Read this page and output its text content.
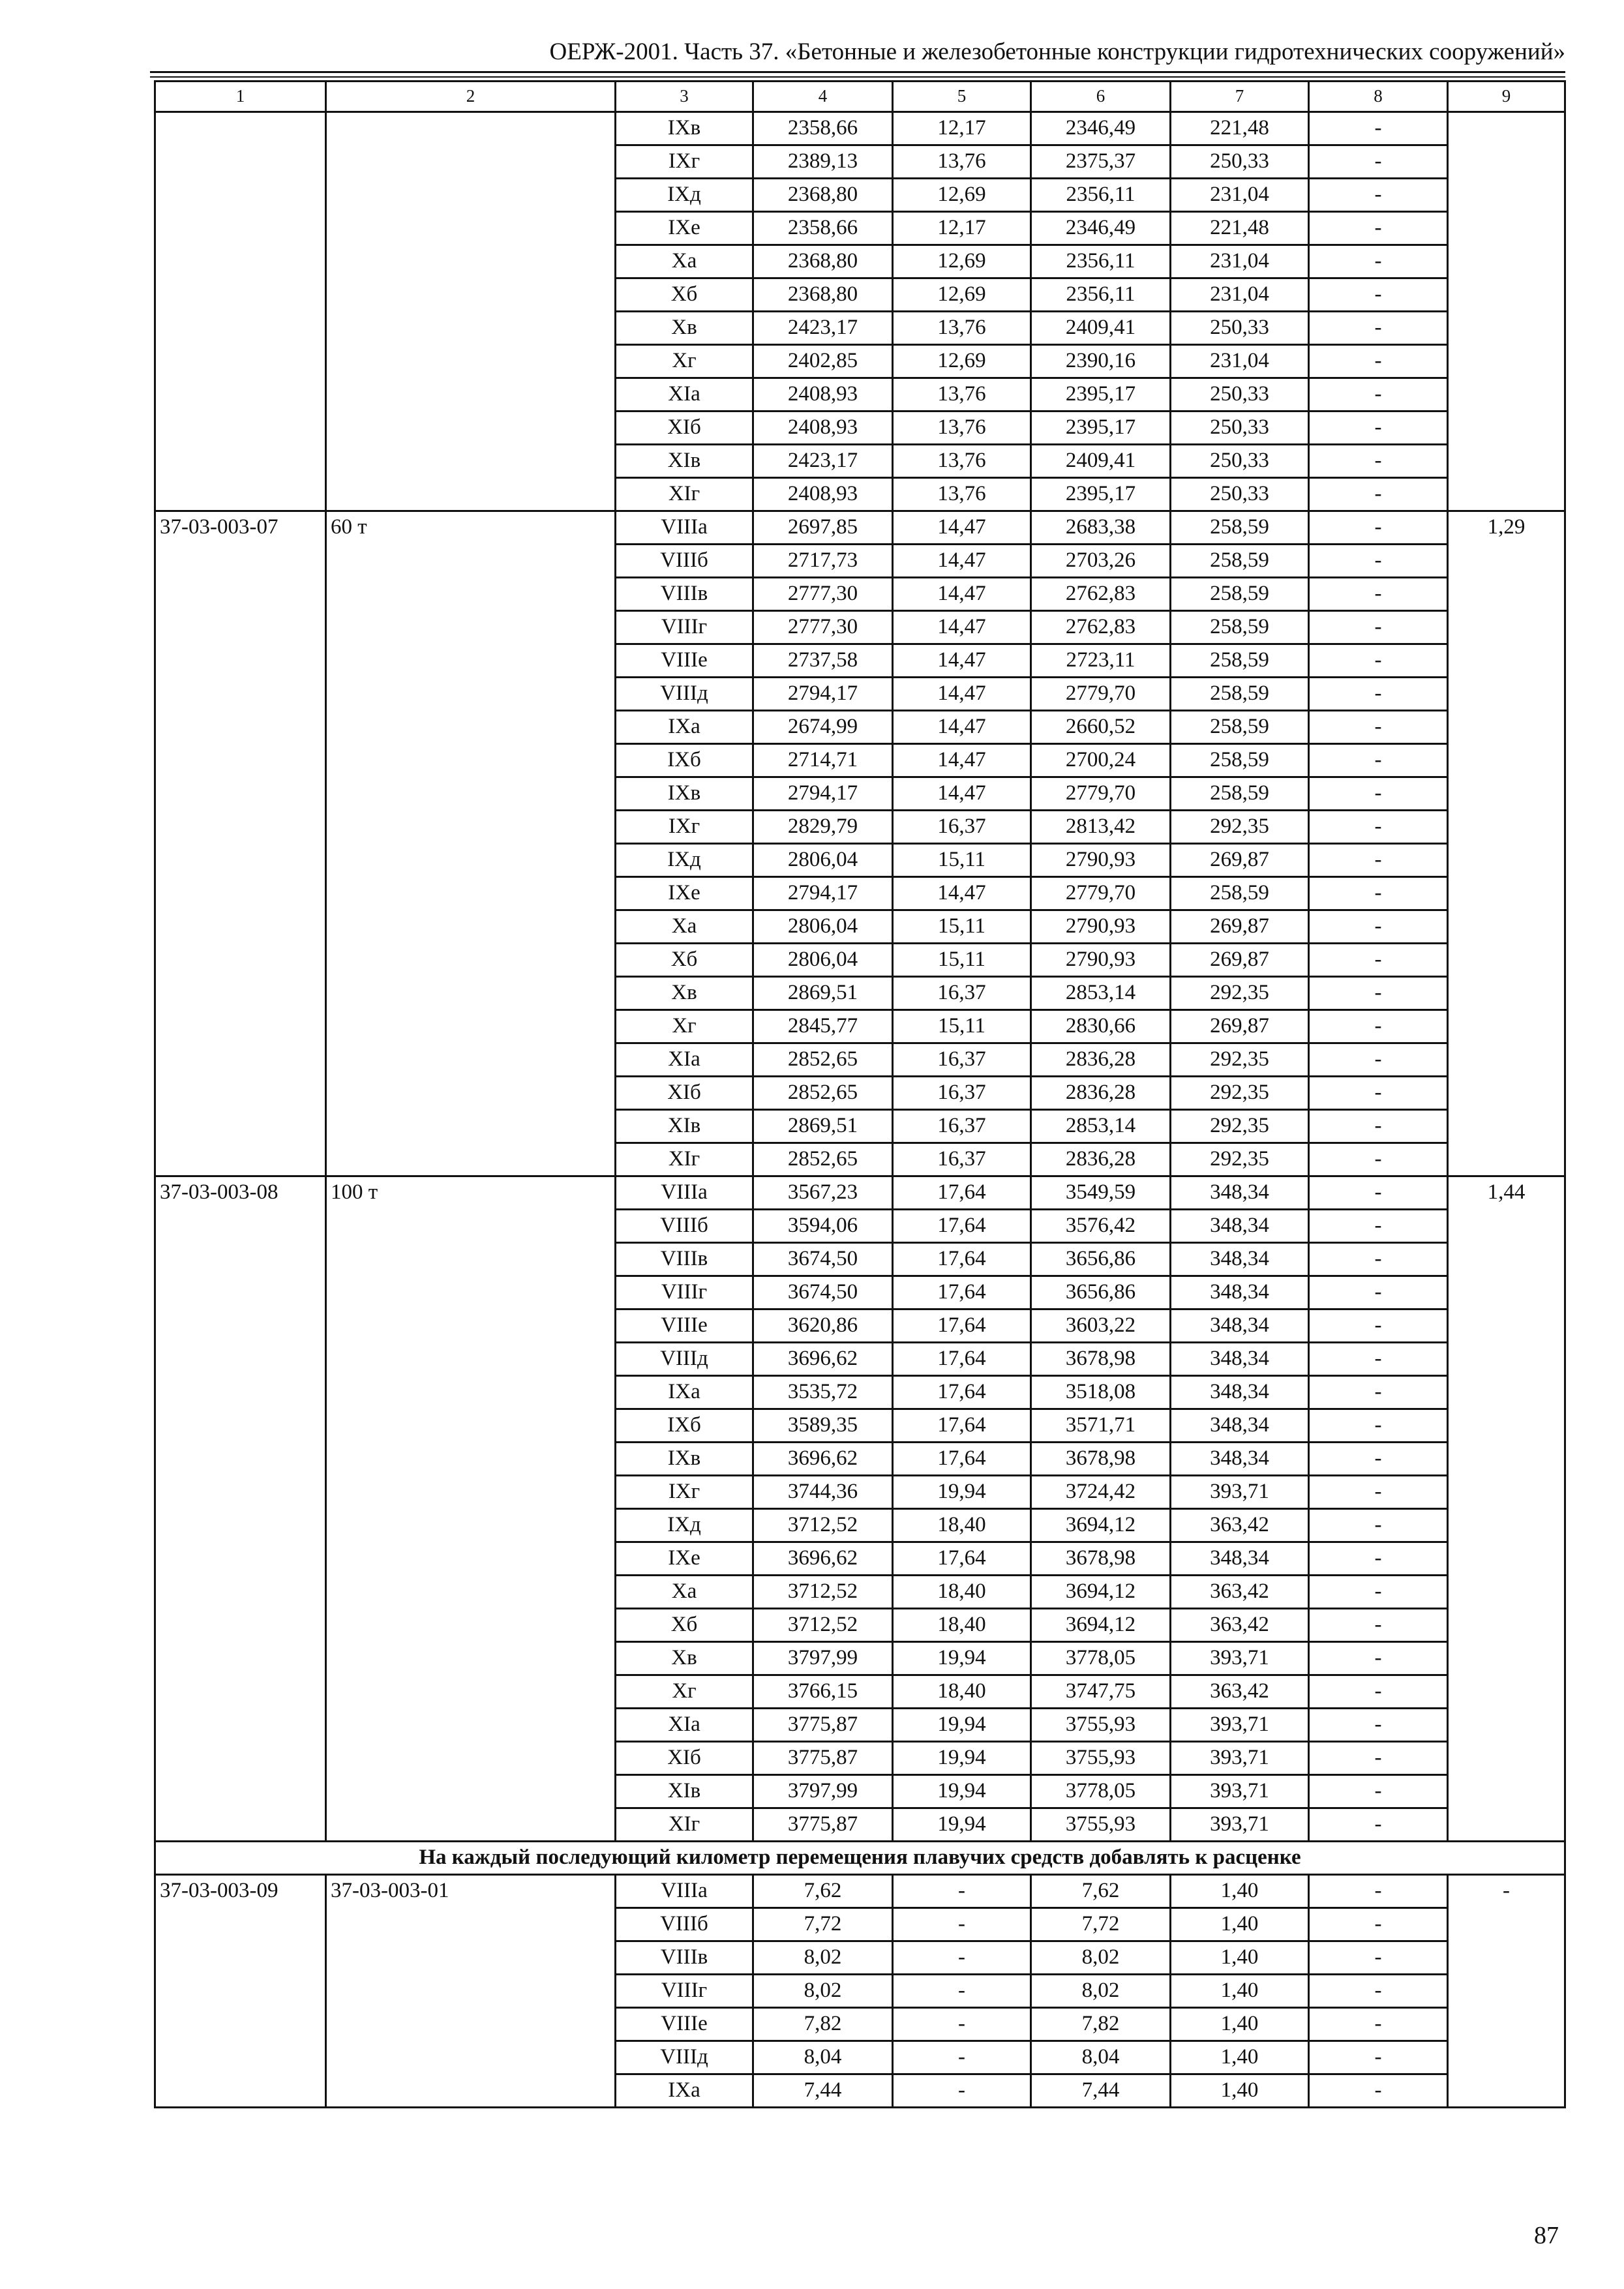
ОЕРЖ-2001. Часть 37. «Бетонные и железобетонные конструкции гидротехнических сооружений»
1	2	3	4	5	6	7	8	9
		IXв	2358,66	12,17	2346,49	221,48	-	
		IXг	2389,13	13,76	2375,37	250,33	-	
		IXд	2368,80	12,69	2356,11	231,04	-	
		IXе	2358,66	12,17	2346,49	221,48	-	
		Xа	2368,80	12,69	2356,11	231,04	-	
		Xб	2368,80	12,69	2356,11	231,04	-	
		Xв	2423,17	13,76	2409,41	250,33	-	
		Xг	2402,85	12,69	2390,16	231,04	-	
		XIа	2408,93	13,76	2395,17	250,33	-	
		XIб	2408,93	13,76	2395,17	250,33	-	
		XIв	2423,17	13,76	2409,41	250,33	-	
		XIг	2408,93	13,76	2395,17	250,33	-	
37-03-003-07	60 т	VIIIа	2697,85	14,47	2683,38	258,59	-	1,29
		VIIIб	2717,73	14,47	2703,26	258,59	-	
		VIIIв	2777,30	14,47	2762,83	258,59	-	
		VIIIг	2777,30	14,47	2762,83	258,59	-	
		VIIIе	2737,58	14,47	2723,11	258,59	-	
		VIIIд	2794,17	14,47	2779,70	258,59	-	
		IXа	2674,99	14,47	2660,52	258,59	-	
		IXб	2714,71	14,47	2700,24	258,59	-	
		IXв	2794,17	14,47	2779,70	258,59	-	
		IXг	2829,79	16,37	2813,42	292,35	-	
		IXд	2806,04	15,11	2790,93	269,87	-	
		IXе	2794,17	14,47	2779,70	258,59	-	
		Xа	2806,04	15,11	2790,93	269,87	-	
		Xб	2806,04	15,11	2790,93	269,87	-	
		Xв	2869,51	16,37	2853,14	292,35	-	
		Xг	2845,77	15,11	2830,66	269,87	-	
		XIа	2852,65	16,37	2836,28	292,35	-	
		XIб	2852,65	16,37	2836,28	292,35	-	
		XIв	2869,51	16,37	2853,14	292,35	-	
		XIг	2852,65	16,37	2836,28	292,35	-	
37-03-003-08	100 т	VIIIа	3567,23	17,64	3549,59	348,34	-	1,44
		VIIIб	3594,06	17,64	3576,42	348,34	-	
		VIIIв	3674,50	17,64	3656,86	348,34	-	
		VIIIг	3674,50	17,64	3656,86	348,34	-	
		VIIIе	3620,86	17,64	3603,22	348,34	-	
		VIIIд	3696,62	17,64	3678,98	348,34	-	
		IXа	3535,72	17,64	3518,08	348,34	-	
		IXб	3589,35	17,64	3571,71	348,34	-	
		IXв	3696,62	17,64	3678,98	348,34	-	
		IXг	3744,36	19,94	3724,42	393,71	-	
		IXд	3712,52	18,40	3694,12	363,42	-	
		IXе	3696,62	17,64	3678,98	348,34	-	
		Xа	3712,52	18,40	3694,12	363,42	-	
		Xб	3712,52	18,40	3694,12	363,42	-	
		Xв	3797,99	19,94	3778,05	393,71	-	
		Xг	3766,15	18,40	3747,75	363,42	-	
		XIа	3775,87	19,94	3755,93	393,71	-	
		XIб	3775,87	19,94	3755,93	393,71	-	
		XIв	3797,99	19,94	3778,05	393,71	-	
		XIг	3775,87	19,94	3755,93	393,71	-	
На каждый последующий километр перемещения плавучих средств добавлять к расценке								
37-03-003-09	37-03-003-01	VIIIа	7,62	-	7,62	1,40	-	-
		VIIIб	7,72	-	7,72	1,40	-	
		VIIIв	8,02	-	8,02	1,40	-	
		VIIIг	8,02	-	8,02	1,40	-	
		VIIIе	7,82	-	7,82	1,40	-	
		VIIIд	8,04	-	8,04	1,40	-	
		IXа	7,44	-	7,44	1,40	-	
87
